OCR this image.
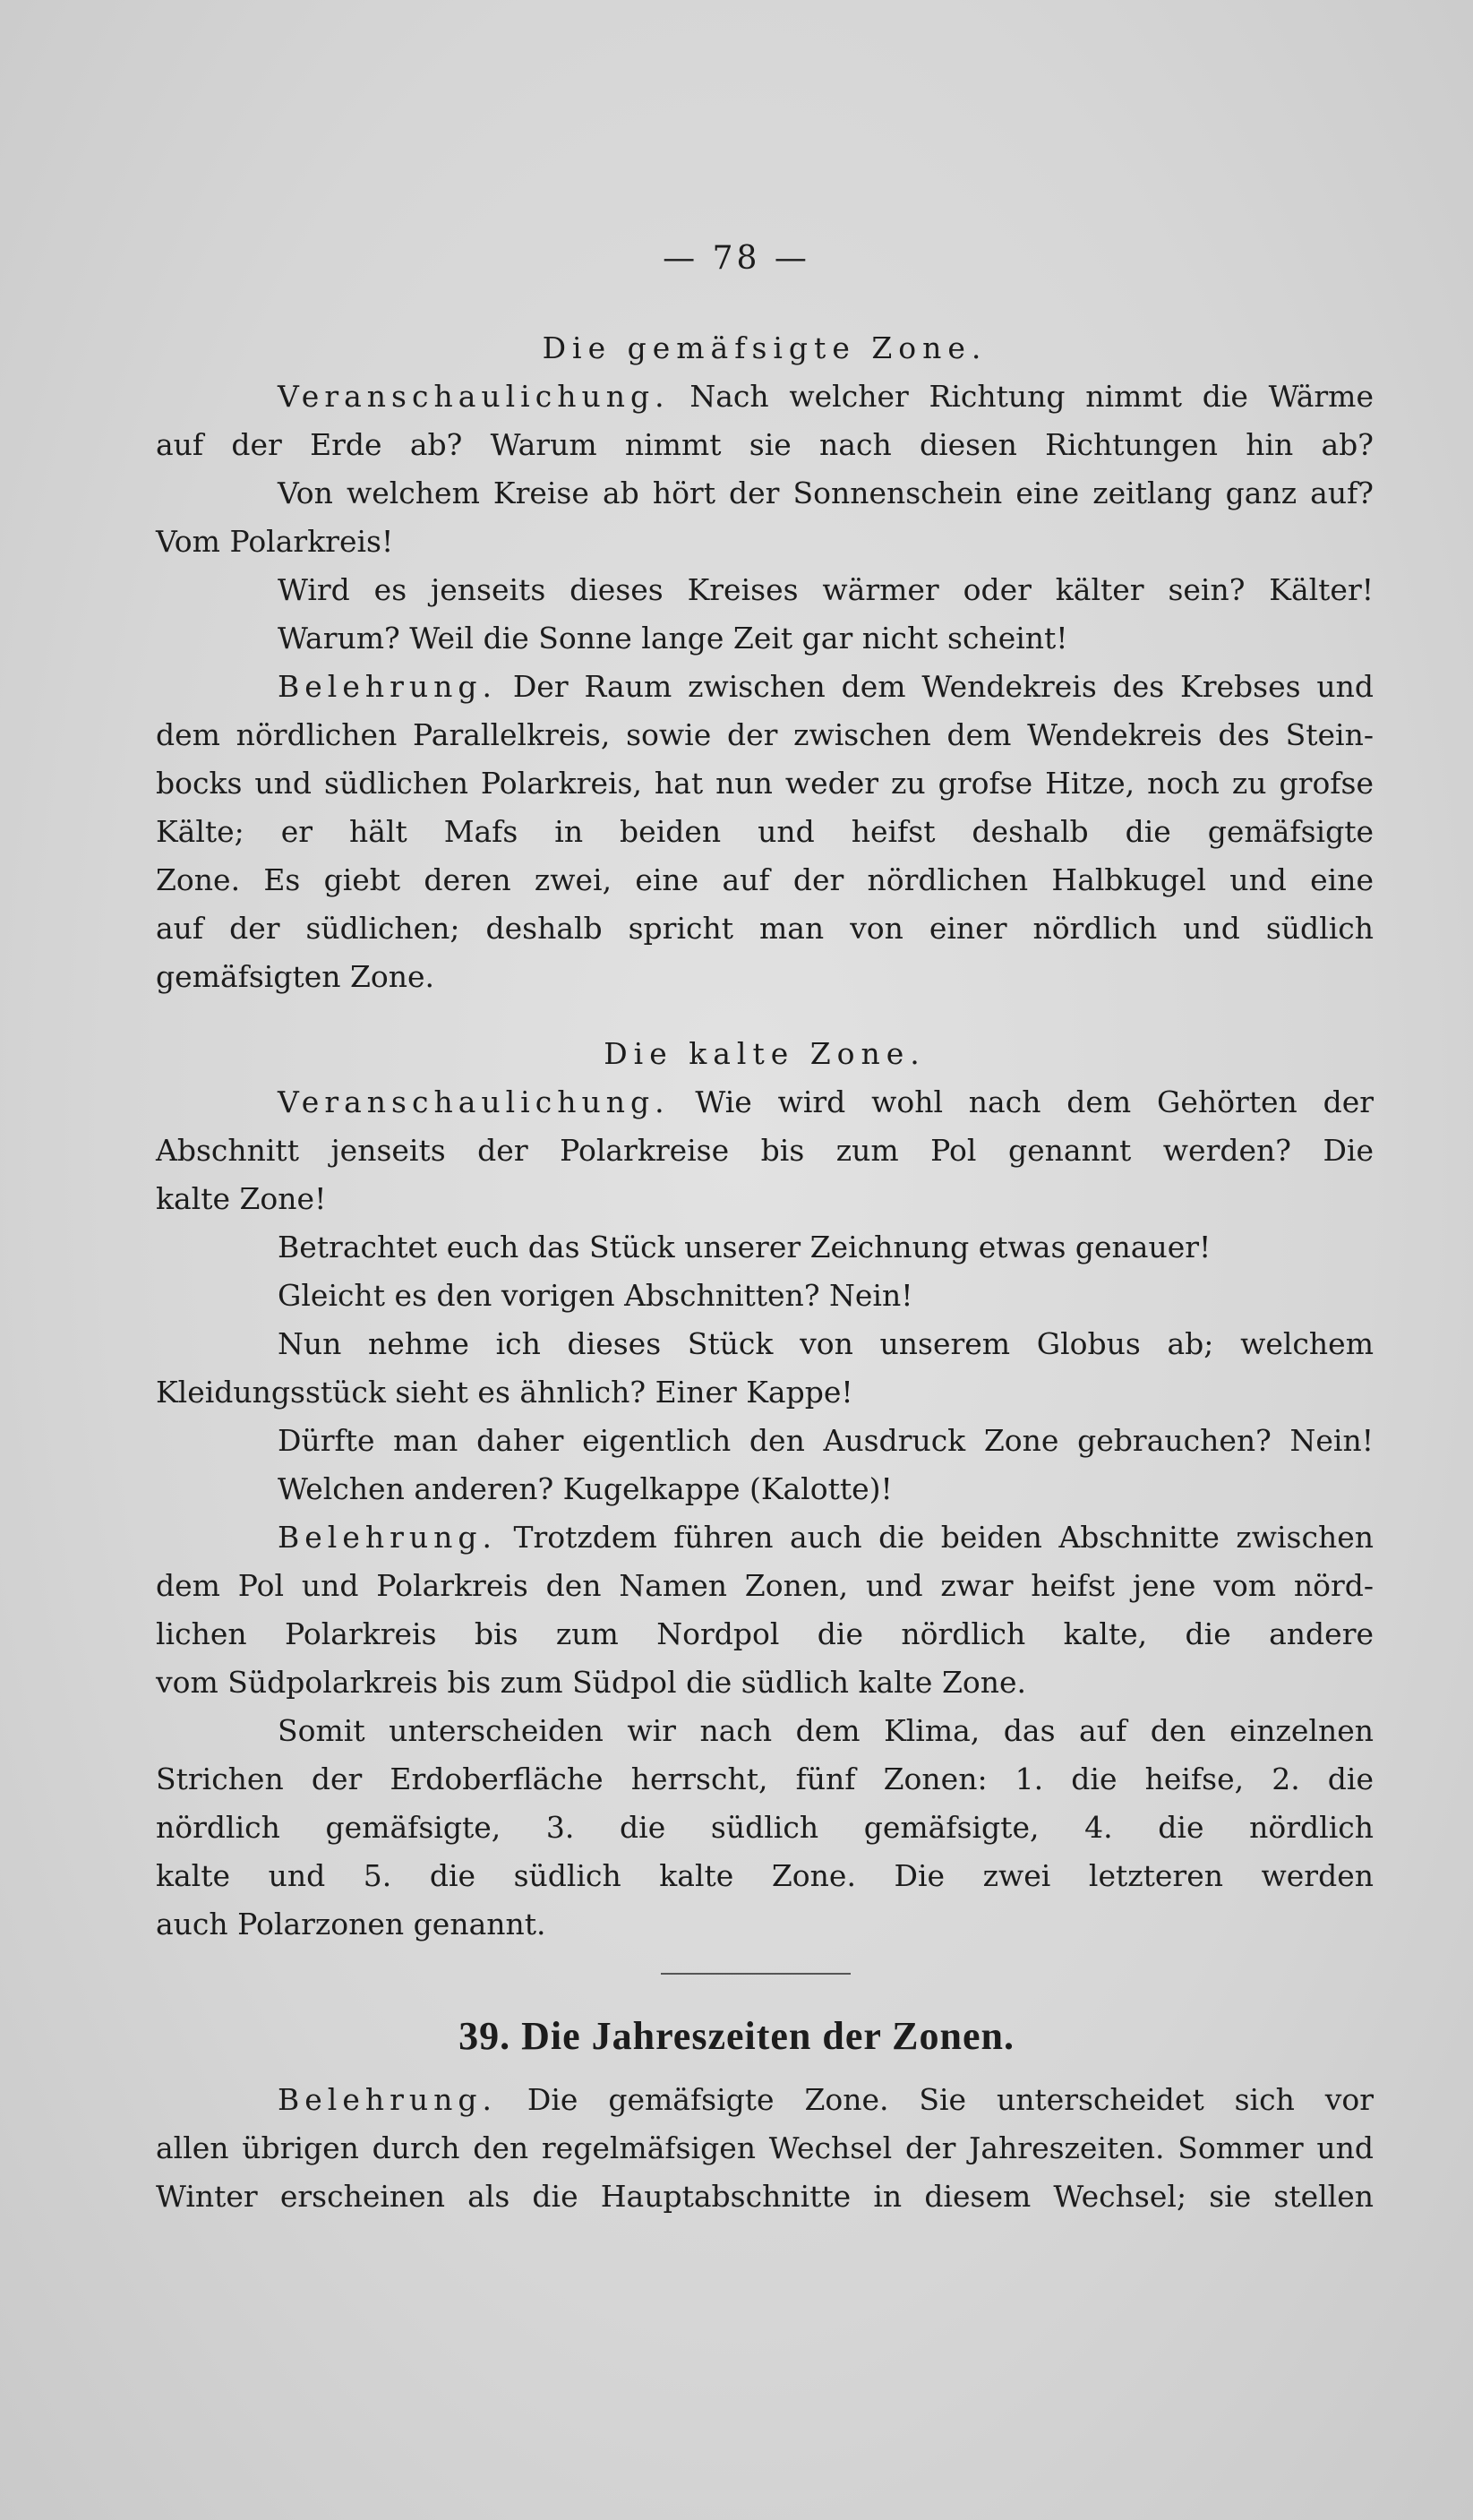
— 78 —
Die gemäfsigte Zone.
Veranschaulichung. Nach welcher Richtung nimmt die Wärme
auf der Erde ab? Warum nimmt sie nach diesen Richtungen hin ab?
Von welchem Kreise ab hört der Sonnenschein eine zeitlang ganz auf?
Vom Polarkreis!
Wird es jenseits dieses Kreises wärmer oder kälter sein? Kälter!
Warum? Weil die Sonne lange Zeit gar nicht scheint!
Belehrung. Der Raum zwischen dem Wendekreis des Krebses und
dem nördlichen Parallelkreis, sowie der zwischen dem Wendekreis des Stein-
bocks und südlichen Polarkreis, hat nun weder zu grofse Hitze, noch zu grofse
Kälte; er hält Mafs in beiden und heifst deshalb die gemäfsigte
Zone. Es giebt deren zwei, eine auf der nördlichen Halbkugel und eine
auf der südlichen; deshalb spricht man von einer nördlich und südlich
gemäfsigten Zone.
Die kalte Zone.
Veranschaulichung. Wie wird wohl nach dem Gehörten der
Abschnitt jenseits der Polarkreise bis zum Pol genannt werden? Die
kalte Zone!
Betrachtet euch das Stück unserer Zeichnung etwas genauer!
Gleicht es den vorigen Abschnitten? Nein!
Nun nehme ich dieses Stück von unserem Globus ab; welchem
Kleidungsstück sieht es ähnlich? Einer Kappe!
Dürfte man daher eigentlich den Ausdruck Zone gebrauchen? Nein!
Welchen anderen? Kugelkappe (Kalotte)!
Belehrung. Trotzdem führen auch die beiden Abschnitte zwischen
dem Pol und Polarkreis den Namen Zonen, und zwar heifst jene vom nörd-
lichen Polarkreis bis zum Nordpol die nördlich kalte, die andere
vom Südpolarkreis bis zum Südpol die südlich kalte Zone.
Somit unterscheiden wir nach dem Klima, das auf den einzelnen
Strichen der Erdoberfläche herrscht, fünf Zonen: 1. die heifse, 2. die
nördlich gemäfsigte, 3. die südlich gemäfsigte, 4. die nördlich
kalte und 5. die südlich kalte Zone. Die zwei letzteren werden
auch Polarzonen genannt.
39. Die Jahreszeiten der Zonen.
Belehrung. Die gemäfsigte Zone. Sie unterscheidet sich vor
allen übrigen durch den regelmäfsigen Wechsel der Jahreszeiten. Sommer und
Winter erscheinen als die Hauptabschnitte in diesem Wechsel; sie stellen
